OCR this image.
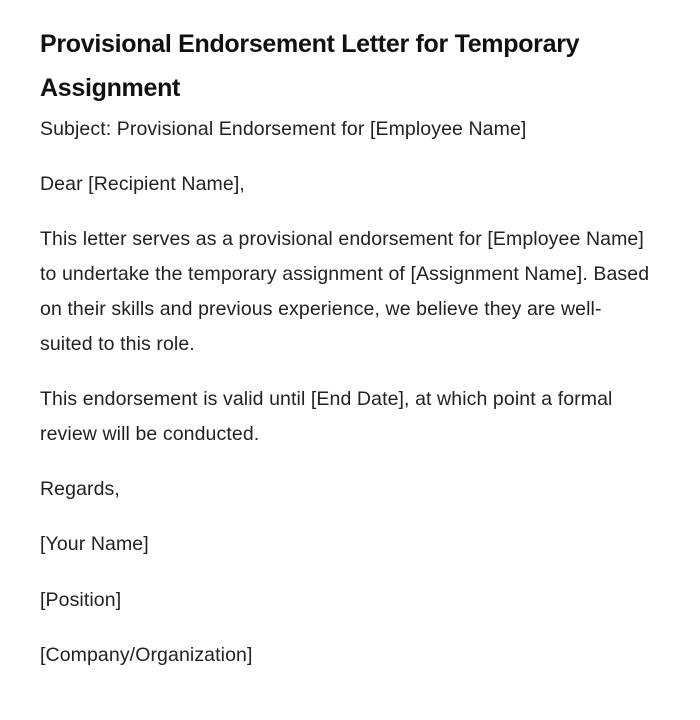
Provisional Endorsement Letter for Temporary Assignment

Subject: Provisional Endorsement for [Employee Name]

Dear [Recipient Name],

This letter serves as a provisional endorsement for [Employee Name] to undertake the temporary assignment of [Assignment Name]. Based on their skills and previous experience, we believe they are well-suited to this role.

This endorsement is valid until [End Date], at which point a formal review will be conducted.

Regards,

[Your Name]

[Position]

[Company/Organization]
